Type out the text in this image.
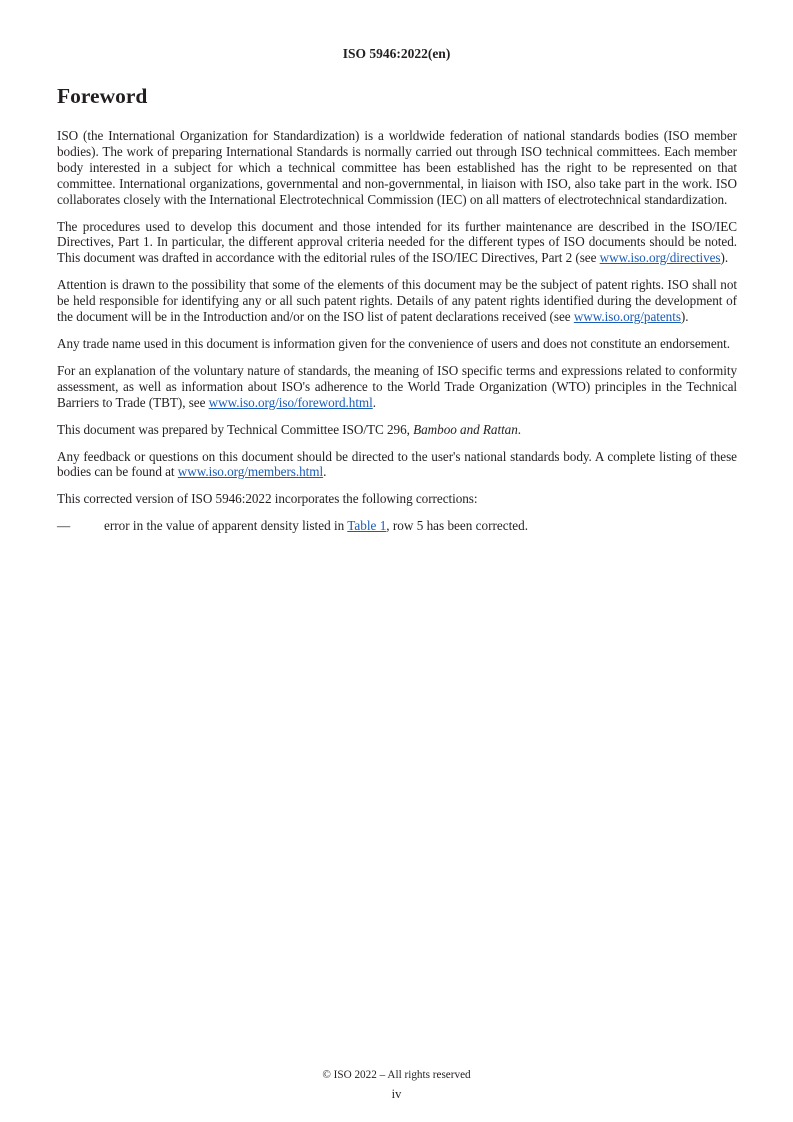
ISO 5946:2022(en)
Foreword

ISO (the International Organization for Standardization) is a worldwide federation of national standards bodies (ISO member bodies). The work of preparing International Standards is normally carried out through ISO technical committees. Each member body interested in a subject for which a technical committee has been established has the right to be represented on that committee. International organizations, governmental and non-governmental, in liaison with ISO, also take part in the work. ISO collaborates closely with the International Electrotechnical Commission (IEC) on all matters of electrotechnical standardization.

The procedures used to develop this document and those intended for its further maintenance are described in the ISO/IEC Directives, Part 1. In particular, the different approval criteria needed for the different types of ISO documents should be noted. This document was drafted in accordance with the editorial rules of the ISO/IEC Directives, Part 2 (see www.iso.org/directives).

Attention is drawn to the possibility that some of the elements of this document may be the subject of patent rights. ISO shall not be held responsible for identifying any or all such patent rights. Details of any patent rights identified during the development of the document will be in the Introduction and/or on the ISO list of patent declarations received (see www.iso.org/patents).

Any trade name used in this document is information given for the convenience of users and does not constitute an endorsement.

For an explanation of the voluntary nature of standards, the meaning of ISO specific terms and expressions related to conformity assessment, as well as information about ISO's adherence to the World Trade Organization (WTO) principles in the Technical Barriers to Trade (TBT), see www.iso.org/iso/foreword.html.

This document was prepared by Technical Committee ISO/TC 296, Bamboo and Rattan.

Any feedback or questions on this document should be directed to the user's national standards body. A complete listing of these bodies can be found at www.iso.org/members.html.

This corrected version of ISO 5946:2022 incorporates the following corrections:

—	error in the value of apparent density listed in Table 1, row 5 has been corrected.
© ISO 2022 – All rights reserved
iv
